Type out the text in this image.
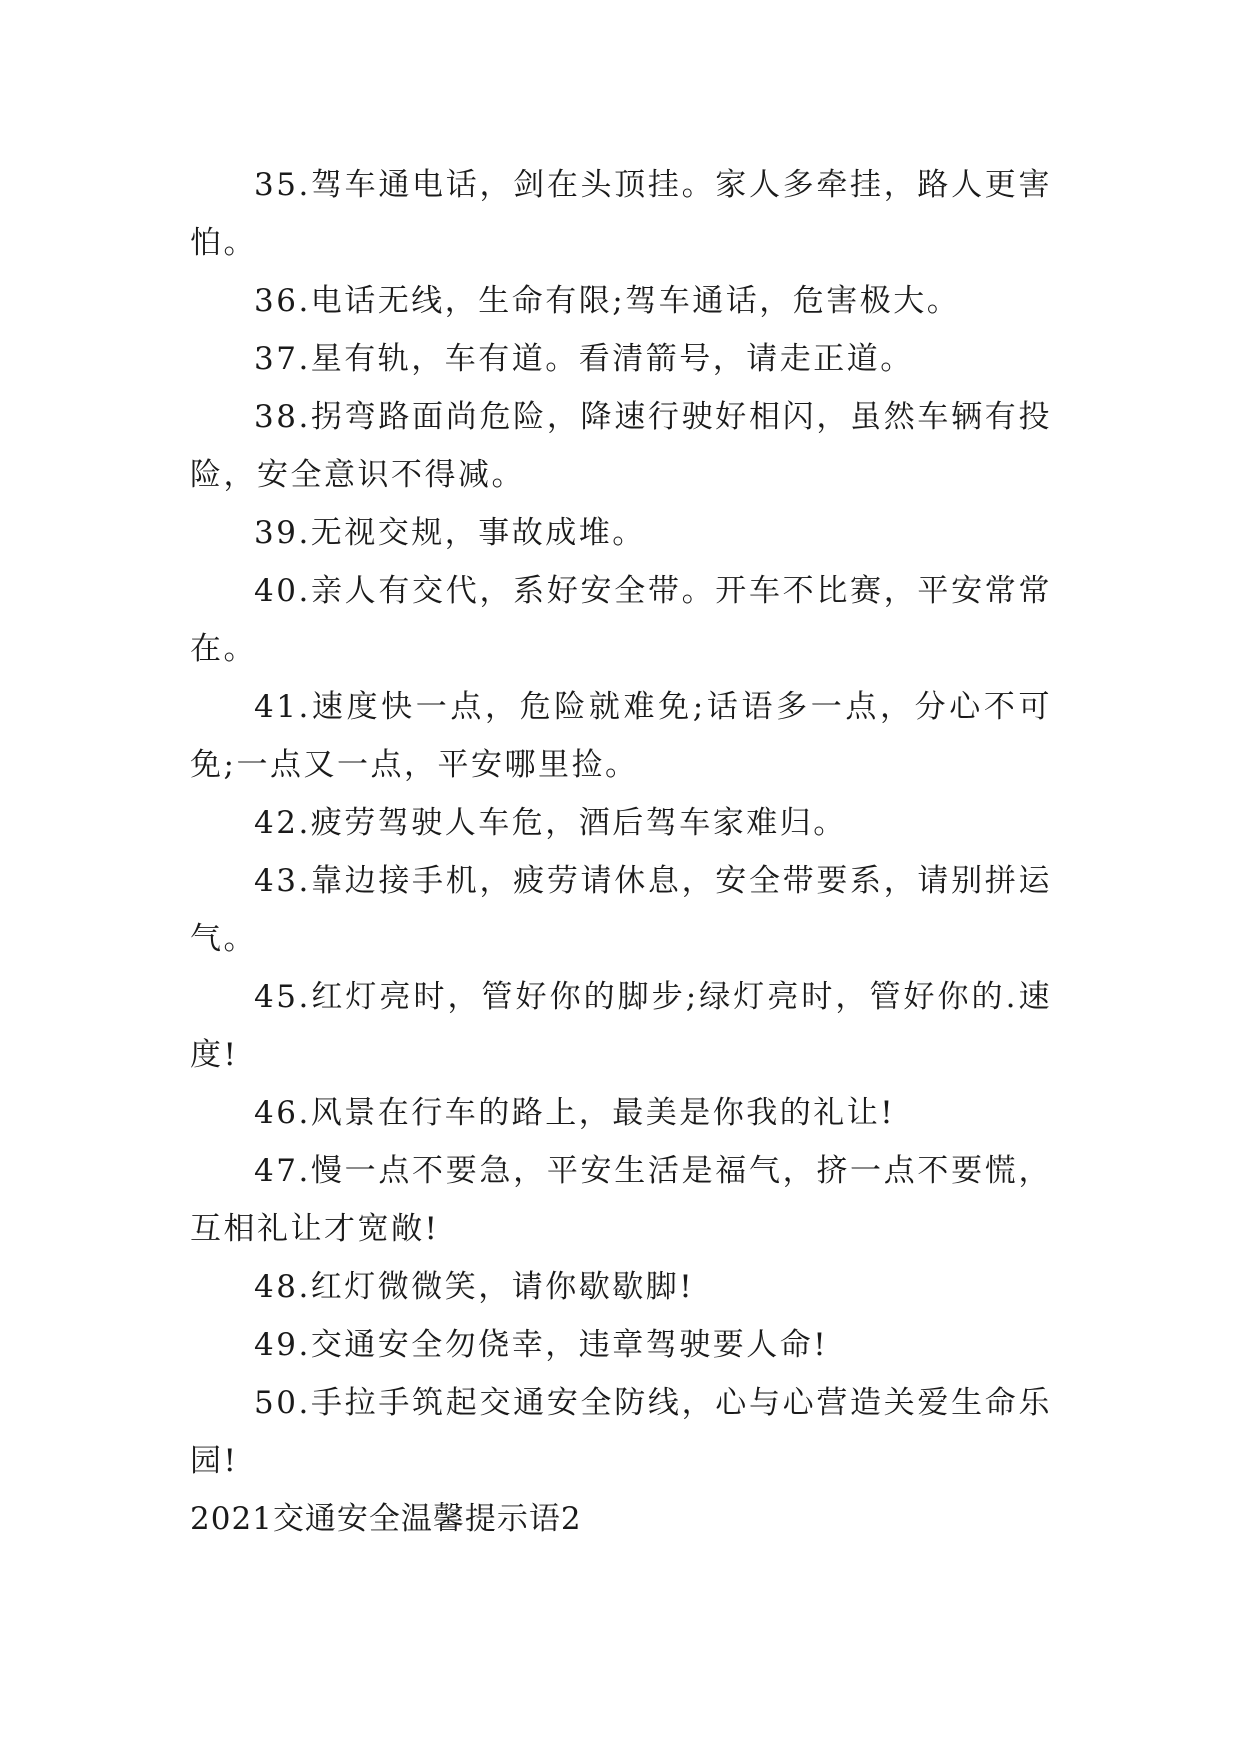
35.驾车通电话，剑在头顶挂。家人多牵挂，路人更害怕。

36.电话无线，生命有限;驾车通话，危害极大。

37.星有轨，车有道。看清箭号，请走正道。

38.拐弯路面尚危险，降速行驶好相闪，虽然车辆有投险，安全意识不得减。

39.无视交规，事故成堆。

40.亲人有交代，系好安全带。开车不比赛，平安常常在。

41.速度快一点，危险就难免;话语多一点，分心不可免;一点又一点，平安哪里捡。

42.疲劳驾驶人车危，酒后驾车家难归。

43.靠边接手机，疲劳请休息，安全带要系，请别拼运气。

45.红灯亮时，管好你的脚步;绿灯亮时，管好你的.速度!

46.风景在行车的路上，最美是你我的礼让!

47.慢一点不要急，平安生活是福气，挤一点不要慌，互相礼让才宽敞!

48.红灯微微笑，请你歇歇脚!

49.交通安全勿侥幸，违章驾驶要人命!

50.手拉手筑起交通安全防线，心与心营造关爱生命乐园!

2021交通安全温馨提示语2
